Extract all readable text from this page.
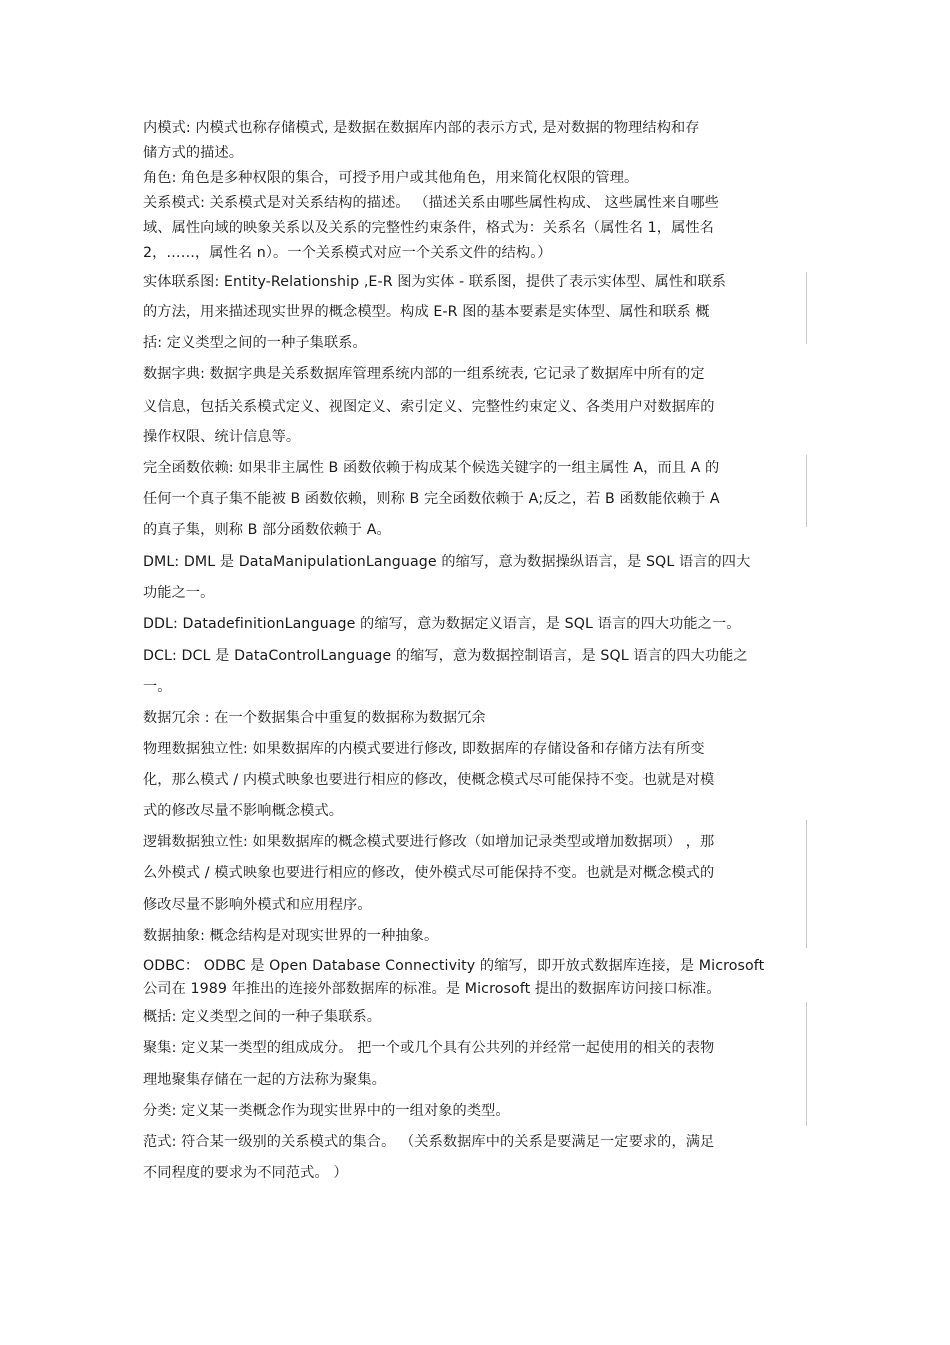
内模式: 内模式也称存储模式, 是数据在数据库内部的表示方式, 是对数据的物理结构和存
储方式的描述。
角色: 角色是多种权限的集合，可授予用户或其他角色，用来简化权限的管理。
关系模式: 关系模式是对关系结构的描述。 （描述关系由哪些属性构成、 这些属性来自哪些
域、属性向域的映象关系以及关系的完整性约束条件，格式为：关系名（属性名 1，属性名
2，……，属性名 n）。一个关系模式对应一个关系文件的结构。）
实体联系图: Entity-Relationship ,E-R 图为实体 - 联系图，提供了表示实体型、属性和联系
的方法，用来描述现实世界的概念模型。构成 E-R 图的基本要素是实体型、属性和联系 概
括: 定义类型之间的一种子集联系。
数据字典: 数据字典是关系数据库管理系统内部的一组系统表, 它记录了数据库中所有的定
义信息，包括关系模式定义、视图定义、索引定义、完整性约束定义、各类用户对数据库的
操作权限、统计信息等。
完全函数依赖: 如果非主属性 B 函数依赖于构成某个候选关键字的一组主属性 A，而且 A 的
任何一个真子集不能被 B 函数依赖，则称 B 完全函数依赖于 A;反之，若 B 函数能依赖于 A
的真子集，则称 B 部分函数依赖于 A。
DML: DML 是 DataManipulationLanguage 的缩写，意为数据操纵语言，是 SQL 语言的四大
功能之一。
DDL: DatadefinitionLanguage 的缩写，意为数据定义语言，是 SQL 语言的四大功能之一。
DCL: DCL 是 DataControlLanguage 的缩写，意为数据控制语言，是 SQL 语言的四大功能之
一。
数据冗余 : 在一个数据集合中重复的数据称为数据冗余
物理数据独立性: 如果数据库的内模式要进行修改, 即数据库的存储设备和存储方法有所变
化，那么模式 / 内模式映象也要进行相应的修改，使概念模式尽可能保持不变。也就是对模
式的修改尽量不影响概念模式。
逻辑数据独立性: 如果数据库的概念模式要进行修改（如增加记录类型或增加数据项） ，那
么外模式 / 模式映象也要进行相应的修改，使外模式尽可能保持不变。也就是对概念模式的
修改尽量不影响外模式和应用程序。
数据抽象: 概念结构是对现实世界的一种抽象。
ODBC： ODBC 是 Open Database Connectivity 的缩写，即开放式数据库连接，是 Microsoft
公司在 1989 年推出的连接外部数据库的标准。是 Microsoft 提出的数据库访问接口标准。
概括: 定义类型之间的一种子集联系。
聚集: 定义某一类型的组成成分。 把一个或几个具有公共列的并经常一起使用的相关的表物
理地聚集存储在一起的方法称为聚集。
分类: 定义某一类概念作为现实世界中的一组对象的类型。
范式: 符合某一级别的关系模式的集合。 （关系数据库中的关系是要满足一定要求的，满足
不同程度的要求为不同范式。 ）
